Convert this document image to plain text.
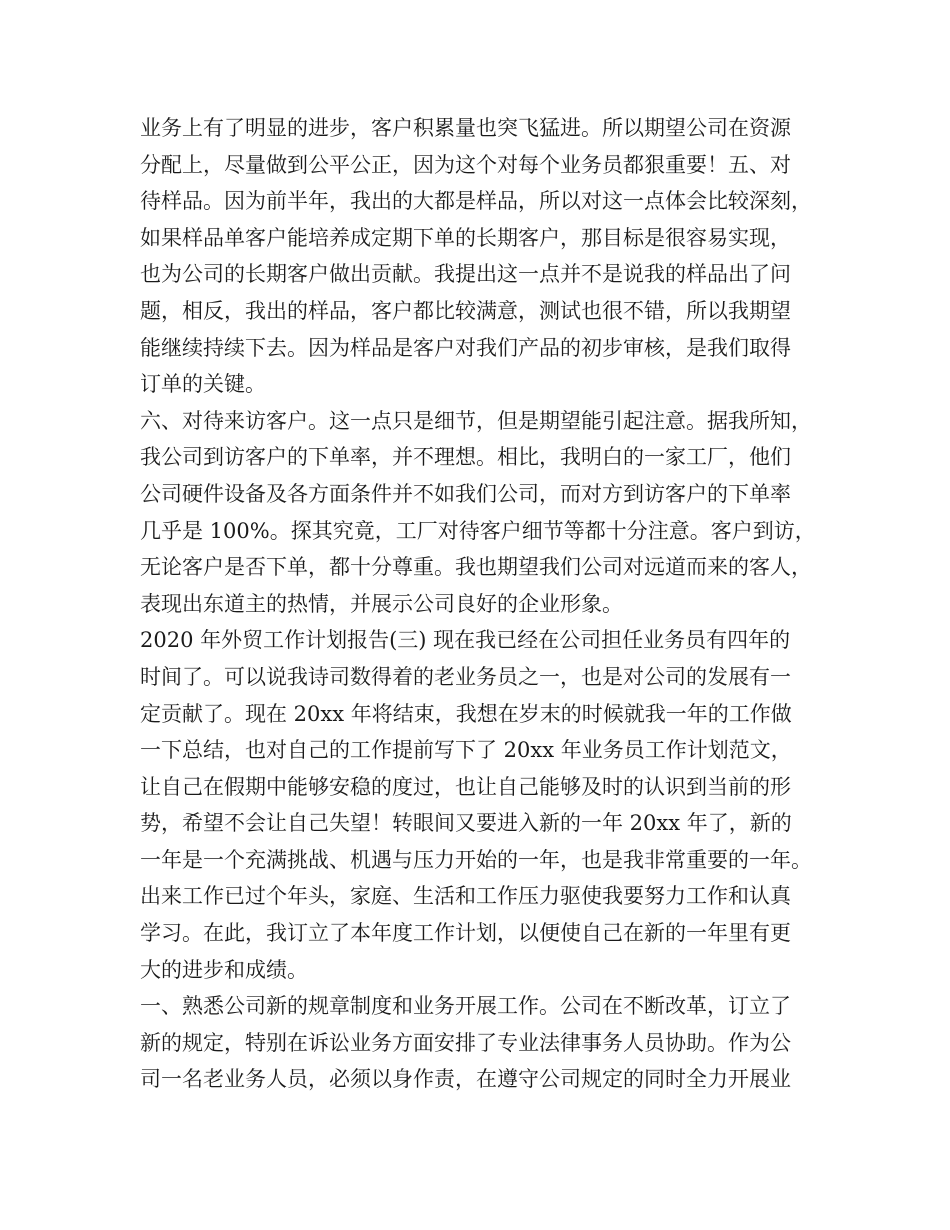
业务上有了明显的进步，客户积累量也突飞猛进。所以期望公司在资源
分配上，尽量做到公平公正，因为这个对每个业务员都狠重要！五、对
待样品。因为前半年，我出的大都是样品，所以对这一点体会比较深刻，
如果样品单客户能培养成定期下单的长期客户，那目标是很容易实现，
也为公司的长期客户做出贡献。我提出这一点并不是说我的样品出了问
题，相反，我出的样品，客户都比较满意，测试也很不错，所以我期望
能继续持续下去。因为样品是客户对我们产品的初步审核，是我们取得
订单的关键。
六、对待来访客户。这一点只是细节，但是期望能引起注意。据我所知，
我公司到访客户的下单率，并不理想。相比，我明白的一家工厂，他们
公司硬件设备及各方面条件并不如我们公司，而对方到访客户的下单率
几乎是 100%。探其究竟，工厂对待客户细节等都十分注意。客户到访，
无论客户是否下单，都十分尊重。我也期望我们公司对远道而来的客人，
表现出东道主的热情，并展示公司良好的企业形象。
2020 年外贸工作计划报告(三) 现在我已经在公司担任业务员有四年的
时间了。可以说我诗司数得着的老业务员之一，也是对公司的发展有一
定贡献了。现在 20xx 年将结束，我想在岁末的时候就我一年的工作做
一下总结，也对自己的工作提前写下了 20xx 年业务员工作计划范文，
让自己在假期中能够安稳的度过，也让自己能够及时的认识到当前的形
势，希望不会让自己失望！转眼间又要进入新的一年 20xx 年了，新的
一年是一个充满挑战、机遇与压力开始的一年，也是我非常重要的一年。
出来工作已过个年头，家庭、生活和工作压力驱使我要努力工作和认真
学习。在此，我订立了本年度工作计划，以便使自己在新的一年里有更
大的进步和成绩。
一、熟悉公司新的规章制度和业务开展工作。公司在不断改革，订立了
新的规定，特别在诉讼业务方面安排了专业法律事务人员协助。作为公
司一名老业务人员，必须以身作责，在遵守公司规定的同时全力开展业
